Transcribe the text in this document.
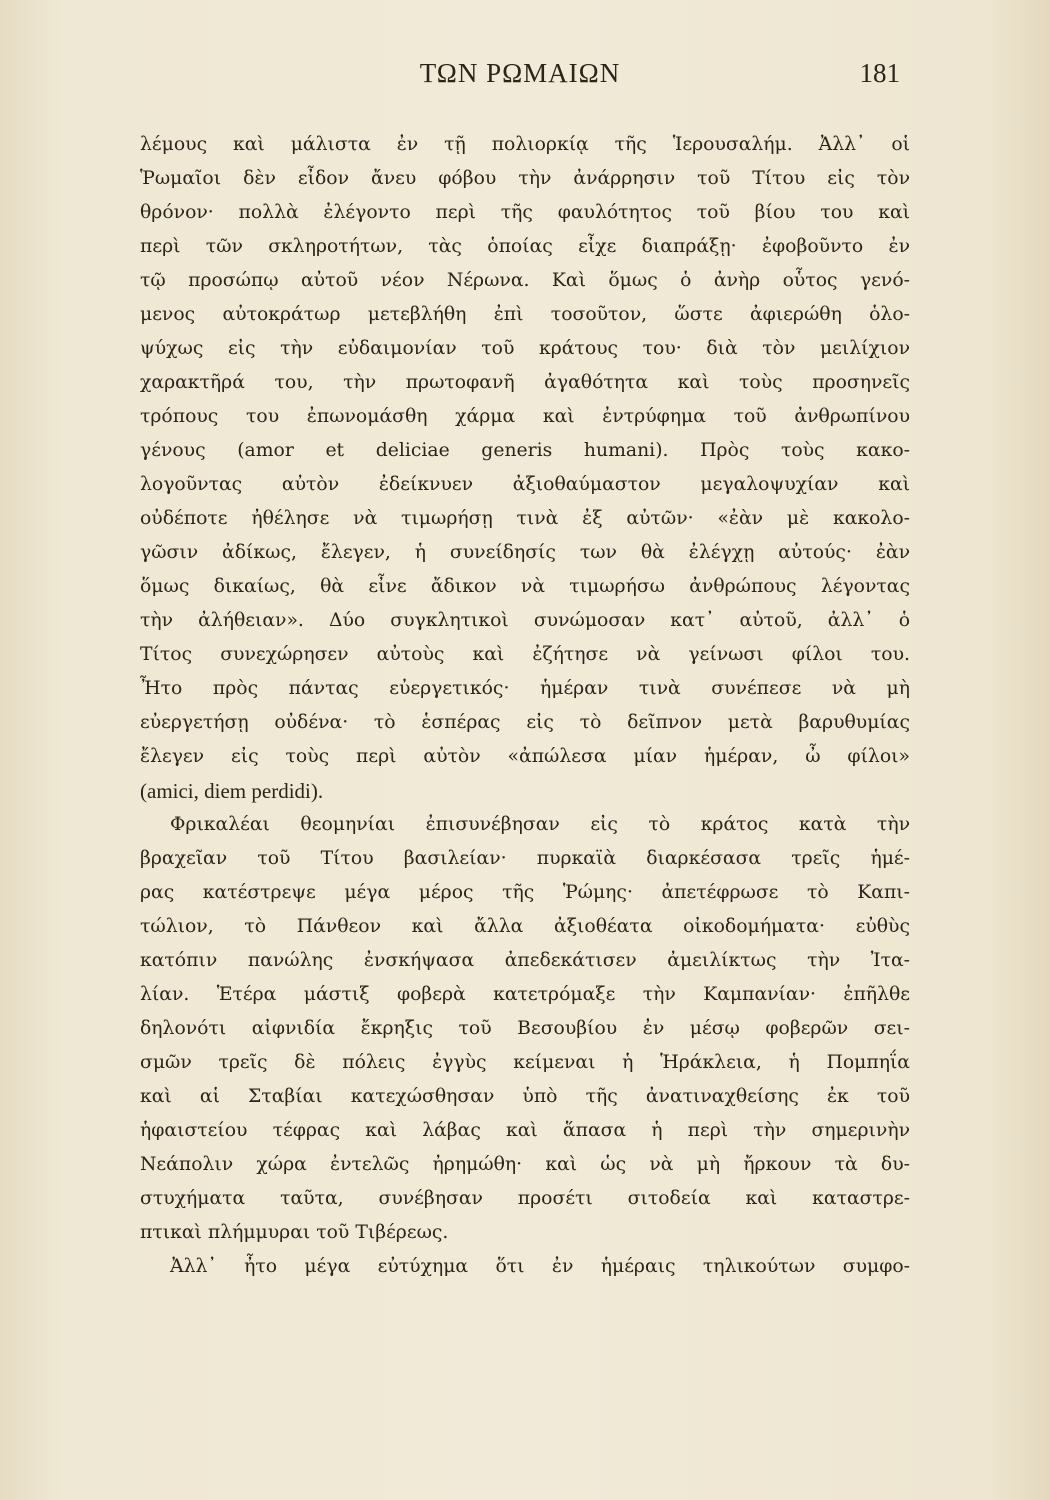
ΤΩΝ ΡΩΜΑΙΩΝ	181
λέμους καὶ μάλιστα ἐν τῇ πολιορκίᾳ τῆς Ἱερουσαλήμ. Ἀλλ᾽ οἱ
Ῥωμαῖοι δὲν εἶδον ἄνευ φόβου τὴν ἀνάρρησιν τοῦ Τίτου εἰς τὸν
θρόνον· πολλὰ ἐλέγοντο περὶ τῆς φαυλότητος τοῦ βίου του καὶ
περὶ τῶν σκληροτήτων, τὰς ὁποίας εἶχε διαπράξῃ· ἐφοβοῦντο ἐν
τῷ προσώπῳ αὐτοῦ νέον Νέρωνα. Καὶ ὅμως ὁ ἀνὴρ οὗτος γενό-
μενος αὐτοκράτωρ μετεβλήθη ἐπὶ τοσοῦτον, ὥστε ἀφιερώθη ὁλο-
ψύχως εἰς τὴν εὐδαιμονίαν τοῦ κράτους του· διὰ τὸν μειλίχιον
χαρακτῆρά του, τὴν πρωτοφανῆ ἀγαθότητα καὶ τοὺς προσηνεῖς
τρόπους του ἐπωνομάσθη χάρμα καὶ ἐντρύφημα τοῦ ἀνθρωπίνου
γένους (amor et deliciae generis humani). Πρὸς τοὺς κακο-
λογοῦντας αὐτὸν ἐδείκνυεν ἀξιοθαύμαστον μεγαλοψυχίαν καὶ
οὐδέποτε ἠθέλησε νὰ τιμωρήσῃ τινὰ ἐξ αὐτῶν· «ἐὰν μὲ κακολο-
γῶσιν ἀδίκως, ἔλεγεν, ἡ συνείδησίς των θὰ ἐλέγχῃ αὐτούς· ἐὰν
ὅμως δικαίως, θὰ εἶνε ἄδικον νὰ τιμωρήσω ἀνθρώπους λέγοντας
τὴν ἀλήθειαν». Δύο συγκλητικοὶ συνώμοσαν κατ᾽ αὐτοῦ, ἀλλ᾽ ὁ
Τίτος συνεχώρησεν αὐτοὺς καὶ ἐζήτησε νὰ γείνωσι φίλοι του.
Ἦτο πρὸς πάντας εὐεργετικός· ἡμέραν τινὰ συνέπεσε νὰ μὴ
εὐεργετήσῃ οὐδένα· τὸ ἑσπέρας εἰς τὸ δεῖπνον μετὰ βαρυθυμίας
ἔλεγεν εἰς τοὺς περὶ αὐτὸν «ἀπώλεσα μίαν ἡμέραν, ὦ φίλοι»
(amici, diem perdidi).
Φρικαλέαι θεομηνίαι ἐπισυνέβησαν εἰς τὸ κράτος κατὰ τὴν
βραχεῖαν τοῦ Τίτου βασιλείαν· πυρκαϊὰ διαρκέσασα τρεῖς ἡμέ-
ρας κατέστρεψε μέγα μέρος τῆς Ῥώμης· ἀπετέφρωσε τὸ Καπι-
τώλιον, τὸ Πάνθεον καὶ ἄλλα ἀξιοθέατα οἰκοδομήματα· εὐθὺς
κατόπιν πανώλης ἐνσκήψασα ἀπεδεκάτισεν ἀμειλίκτως τὴν Ἰτα-
λίαν. Ἑτέρα μάστιξ φοβερὰ κατετρόμαξε τὴν Καμπανίαν· ἐπῆλθε
δηλονότι αἰφνιδία ἔκρηξις τοῦ Βεσουβίου ἐν μέσῳ φοβερῶν σει-
σμῶν τρεῖς δὲ πόλεις ἐγγὺς κείμεναι ἡ Ἡράκλεια, ἡ Πομπηΐα
καὶ αἱ Σταβίαι κατεχώσθησαν ὑπὸ τῆς ἀνατιναχθείσης ἐκ τοῦ
ἡφαιστείου τέφρας καὶ λάβας καὶ ἅπασα ἡ περὶ τὴν σημερινὴν
Νεάπολιν χώρα ἐντελῶς ἠρημώθη· καὶ ὡς νὰ μὴ ἤρκουν τὰ δυ-
στυχήματα ταῦτα, συνέβησαν προσέτι σιτοδεία καὶ καταστρε-
πτικαὶ πλήμμυραι τοῦ Τιβέρεως.
Ἀλλ᾽ ἦτο μέγα εὐτύχημα ὅτι ἐν ἡμέραις τηλικούτων συμφο-
